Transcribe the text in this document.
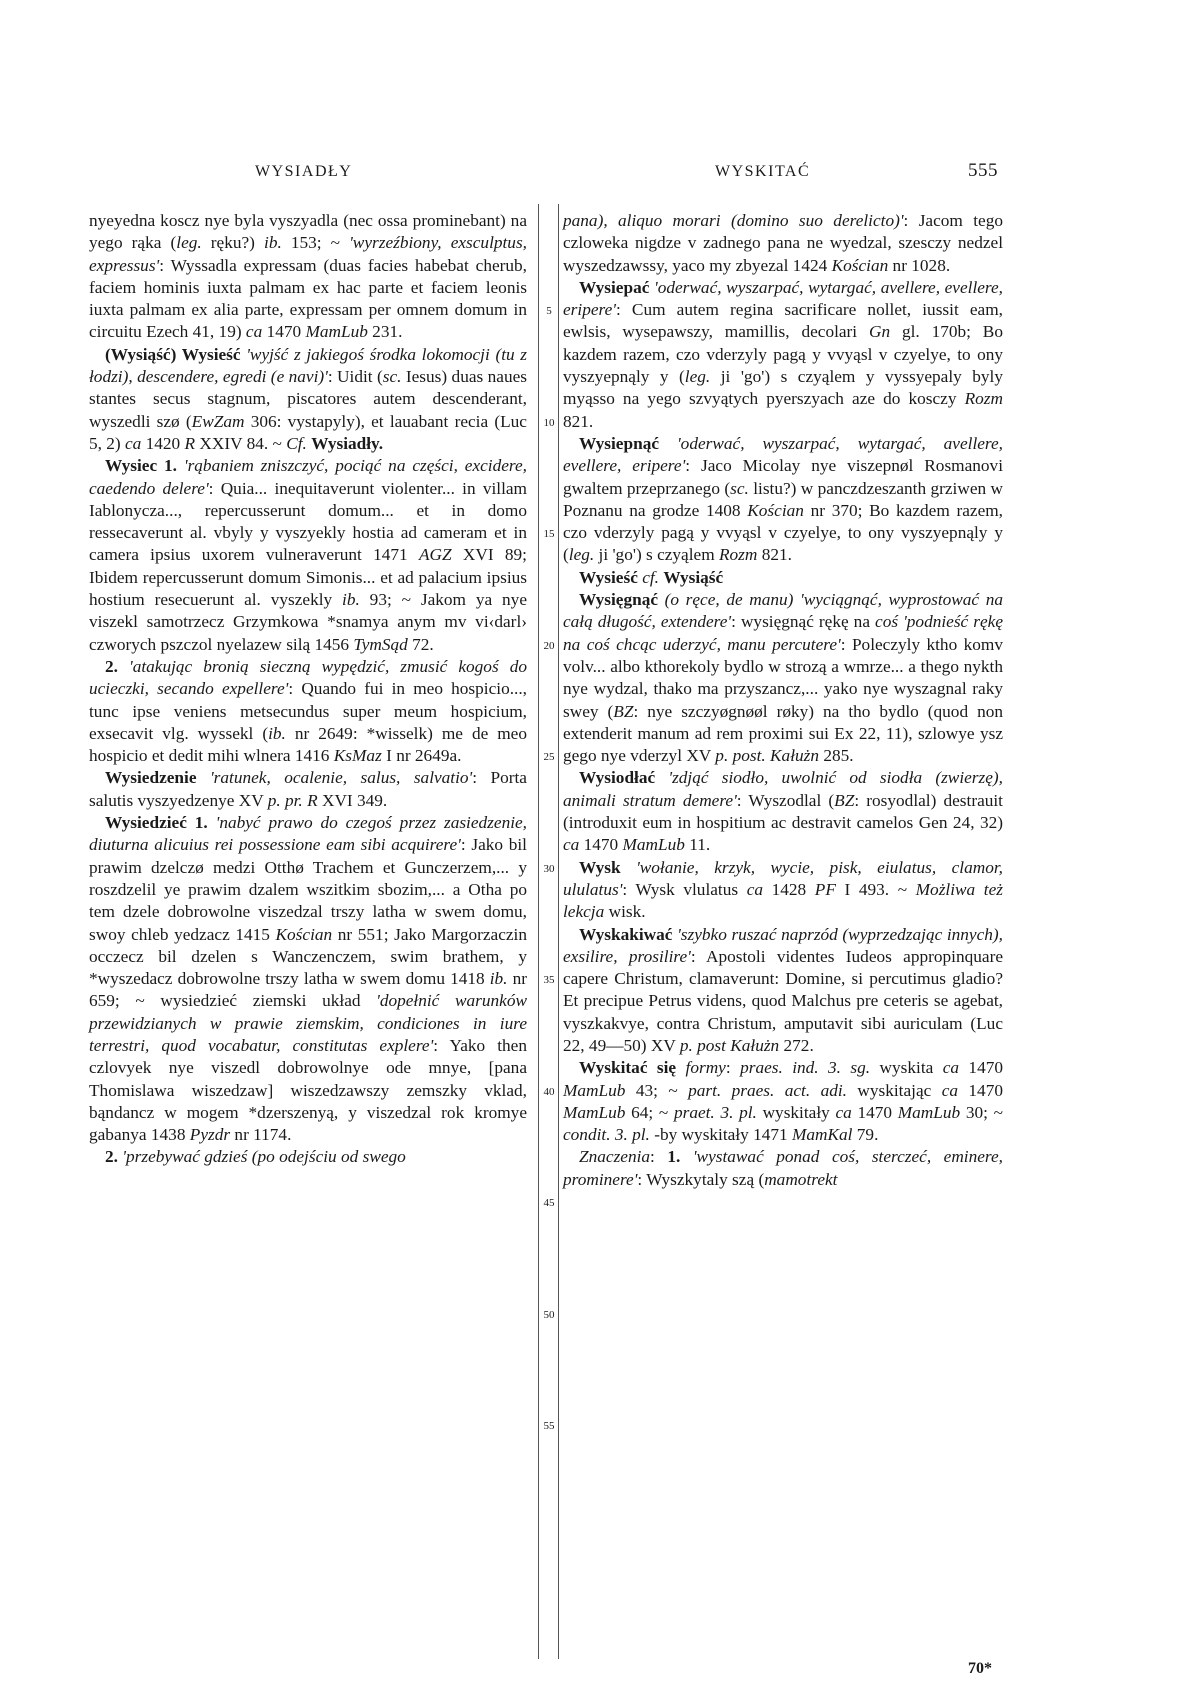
WYSIADŁY	WYSKITAĆ	555

nyeyedna koscz nye byla vyszyadla (nec ossa prominebant) na yego rąka (leg. ręku?) ib. 153; ~ 'wyrzeźbiony, exsculptus, expressus': Wyssadla expressam (duas facies habebat cherub, faciem hominis iuxta palmam ex hac parte et faciem leonis iuxta palmam ex alia parte, expressam per omnem domum in circuitu Ezech 41, 19) ca 1470 MamLub 231.

(Wysiąść) Wysieść 'wyjść z jakiegoś środka lokomocji (tu z łodzi), descendere, egredi (e navi)': Uidit (sc. Iesus) duas naues stantes secus stagnum, piscatores autem descenderant, wyszedli szø (EwZam 306: vystapyly), et lauabant recia (Luc 5, 2) ca 1420 R XXIV 84. ~ Cf. Wysiadły.

Wysiec 1. 'rąbaniem zniszczyć, pociąć na części, excidere, caedendo delere': Quia... inequitaverunt violenter... in villam Iablonycza..., repercusserunt domum... et in domo ressecaverunt al. vbyly y vyszyekly hostia ad cameram et in camera ipsius uxorem vulneraverunt 1471 AGZ XVI 89; Ibidem repercusserunt domum Simonis... et ad palacium ipsius hostium resecuerunt al. vyszekly ib. 93; ~ Jakom ya nye viszekl samotrzecz Grzymkowa *snamya anym mv vi‹darl› czworych pszczol nyelazew silą 1456 TymSąd 72.

2. 'atakując bronią sieczną wypędzić, zmusić kogoś do ucieczki, secando expellere': Quando fui in meo hospicio..., tunc ipse veniens metsecundus super meum hospicium, exsecavit vlg. wyssekl (ib. nr 2649: *wisselk) me de meo hospicio et dedit mihi wlnera 1416 KsMaz I nr 2649a.

Wysiedzenie 'ratunek, ocalenie, salus, salvatio': Porta salutis vyszyedzenye XV p. pr. R XVI 349.

Wysiedzieć 1. 'nabyć prawo do czegoś przez zasiedzenie, diuturna alicuius rei possessione eam sibi acquirere': Jako bil prawim dzelczø medzi Otthø Trachem et Gunczerzem,... y roszdzelil ye prawim dzalem wszitkim sbozim,... a Otha po tem dzele dobrowolne viszedzal trszy latha w swem domu, swoy chleb yedzacz 1415 Kościan nr 551; Jako Margorzaczin occzecz bil dzelen s Wanczenczem, swim brathem, y *wyszedacz dobrowolne trszy latha w swem domu 1418 ib. nr 659; ~ wysiedzieć ziemski układ 'dopełnić warunków przewidzianych w prawie ziemskim, condiciones in iure terrestri, quod vocabatur, constitutas explere': Yako then czlovyek nye viszedl dobrowolnye ode mnye, [pana Thomislawa wiszedzaw] wiszedzawszy zemszky vklad, bąndancz w mogem *dzerszenyą, y viszedzal rok kromye gabanya 1438 Pyzdr nr 1174.

2. 'przebywać gdzieś (po odejściu od swego

5
10
15
20
25
30
35
40
45
50
55

pana), aliquo morari (domino suo derelicto)': Jacom tego czloweka nigdze v zadnego pana ne wyedzal, szesczy nedzel wyszedzawssy, yaco my zbyezal 1424 Kościan nr 1028.

Wysiepać 'oderwać, wyszarpać, wytargać, avellere, evellere, eripere': Cum autem regina sacrificare nollet, iussit eam, ewlsis, wysepawszy, mamillis, decolari Gn gl. 170b; Bo kazdem razem, czo vderzyly pagą y vvyąsl v czyelye, to ony vyszyepnąly y (leg. ji 'go') s czyąlem y vyssyepaly byly myąsso na yego szvyątych pyerszyach aze do kosczy Rozm 821.

Wysiepnąć 'oderwać, wyszarpać, wytargać, avellere, evellere, eripere': Jaco Micolay nye viszepnøl Rosmanovi gwaltem przeprzanego (sc. listu?) w panczdzeszanth grziwen w Poznanu na grodze 1408 Kościan nr 370; Bo kazdem razem, czo vderzyly pagą y vvyąsl v czyelye, to ony vyszyepnąly y (leg. ji 'go') s czyąlem Rozm 821.

Wysieść cf. Wysiąść

Wysięgnąć (o ręce, de manu) 'wyciągnąć, wyprostować na całą długość, extendere': wysięgnąć rękę na coś 'podnieść rękę na coś chcąc uderzyć, manu percutere': Poleczyly ktho komv volv... albo kthorekoly bydlo w strozą a wmrze... a thego nykth nye wydzal, thako ma przyszancz,... yako nye wyszagnal raky swey (BZ: nye szczyøgnøøl røky) na tho bydlo (quod non extenderit manum ad rem proximi sui Ex 22, 11), szlowye ysz gego nye vderzyl XV p. post. Kałużn 285.

Wysiodłać 'zdjąć siodło, uwolnić od siodła (zwierzę), animali stratum demere': Wyszodlal (BZ: rosyodlal) destrauit (introduxit eum in hospitium ac destravit camelos Gen 24, 32) ca 1470 MamLub 11.

Wysk 'wołanie, krzyk, wycie, pisk, eiulatus, clamor, ululatus': Wysk vlulatus ca 1428 PF I 493. ~ Możliwa też lekcja wisk.

Wyskakiwać 'szybko ruszać naprzód (wyprzedzając innych), exsilire, prosilire': Apostoli videntes Iudeos appropinquare capere Christum, clamaverunt: Domine, si percutimus gladio? Et precipue Petrus videns, quod Malchus pre ceteris se agebat, vyszkakvye, contra Christum, amputavit sibi auriculam (Luc 22, 49—50) XV p. post Kałużn 272.

Wyskitać się formy: praes. ind. 3. sg. wyskita ca 1470 MamLub 43; ~ part. praes. act. adi. wyskitając ca 1470 MamLub 64; ~ praet. 3. pl. wyskitały ca 1470 MamLub 30; ~ condit. 3. pl. -by wyskitały 1471 MamKal 79.

Znaczenia: 1. 'wystawać ponad coś, sterczeć, eminere, prominere': Wyszkytaly szą (mamotrekt

70*
